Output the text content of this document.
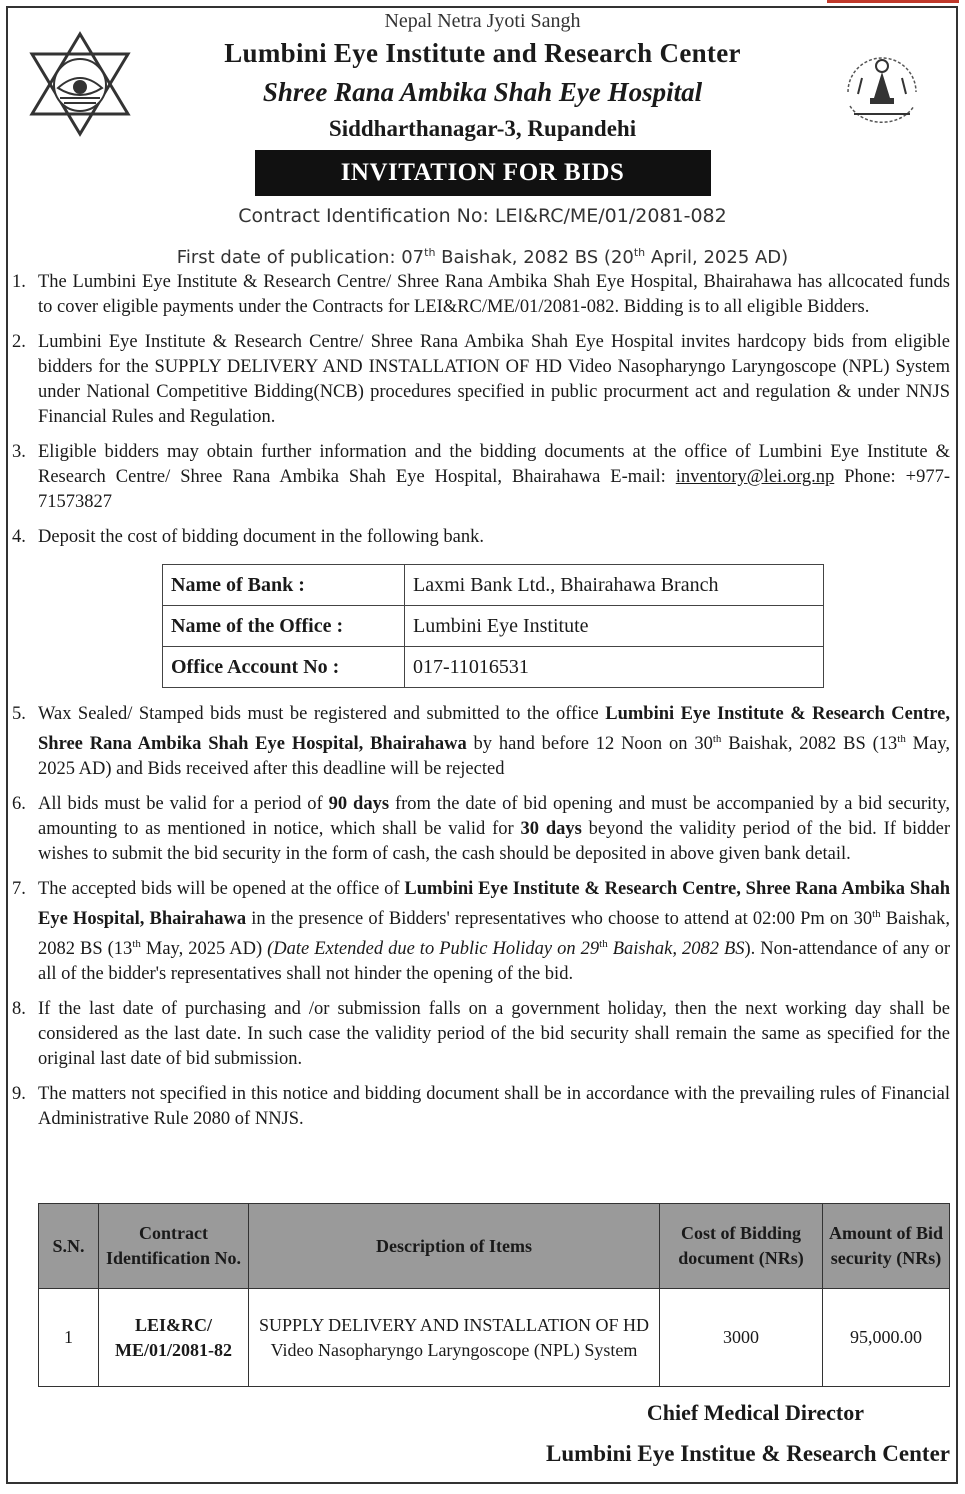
Nepal Netra Jyoti Sangh
Lumbini Eye Institute and Research Center
Shree Rana Ambika Shah Eye Hospital
Siddharthanagar-3, Rupandehi
INVITATION FOR BIDS
Contract Identification No: LEI&RC/ME/01/2081-082
First date of publication: 07th Baishak, 2082 BS (20th April, 2025 AD)
1. The Lumbini Eye Institute & Research Centre/ Shree Rana Ambika Shah Eye Hospital, Bhairahawa has allcocated funds to cover eligible payments under the Contracts for LEI&RC/ME/01/2081-082. Bidding is to all eligible Bidders.
2. Lumbini Eye Institute & Research Centre/ Shree Rana Ambika Shah Eye Hospital invites hardcopy bids from eligible bidders for the SUPPLY DELIVERY AND INSTALLATION OF HD Video Nasopharyngo Laryngoscope (NPL) System under National Competitive Bidding(NCB) procedures specified in public procurment act and regulation & under NNJS Financial Rules and Regulation.
3. Eligible bidders may obtain further information and the bidding documents at the office of Lumbini Eye Institute & Research Centre/ Shree Rana Ambika Shah Eye Hospital, Bhairahawa E-mail: inventory@lei.org.np Phone: +977-71573827
4. Deposit the cost of bidding document in the following bank.
Name of Bank :	Laxmi Bank Ltd., Bhairahawa Branch
Name of the Office :	Lumbini Eye Institute
Office Account No :	017-11016531
5. Wax Sealed/ Stamped bids must be registered and submitted to the office Lumbini Eye Institute & Research Centre, Shree Rana Ambika Shah Eye Hospital, Bhairahawa by hand before 12 Noon on 30th Baishak, 2082 BS (13th May, 2025 AD) and Bids received after this deadline will be rejected
6. All bids must be valid for a period of 90 days from the date of bid opening and must be accompanied by a bid security, amounting to as mentioned in notice, which shall be valid for 30 days beyond the validity period of the bid. If bidder wishes to submit the bid security in the form of cash, the cash should be deposited in above given bank detail.
7. The accepted bids will be opened at the office of Lumbini Eye Institute & Research Centre, Shree Rana Ambika Shah Eye Hospital, Bhairahawa in the presence of Bidders' representatives who choose to attend at 02:00 Pm on 30th Baishak, 2082 BS (13th May, 2025 AD) (Date Extended due to Public Holiday on 29th Baishak, 2082 BS). Non-attendance of any or all of the bidder's representatives shall not hinder the opening of the bid.
8. If the last date of purchasing and /or submission falls on a government holiday, then the next working day shall be considered as the last date. In such case the validity period of the bid security shall remain the same as specified for the original last date of bid submission.
9. The matters not specified in this notice and bidding document shall be in accordance with the prevailing rules of Financial Administrative Rule 2080 of NNJS.
S.N.	Contract Identification No.	Description of Items	Cost of Bidding document (NRs)	Amount of Bid security (NRs)
1	LEI&RC/ ME/01/2081-82	SUPPLY DELIVERY AND INSTALLATION OF HD Video Nasopharyngo Laryngoscope (NPL) System	3000	95,000.00
Chief Medical Director
Lumbini Eye Institue & Research Center
